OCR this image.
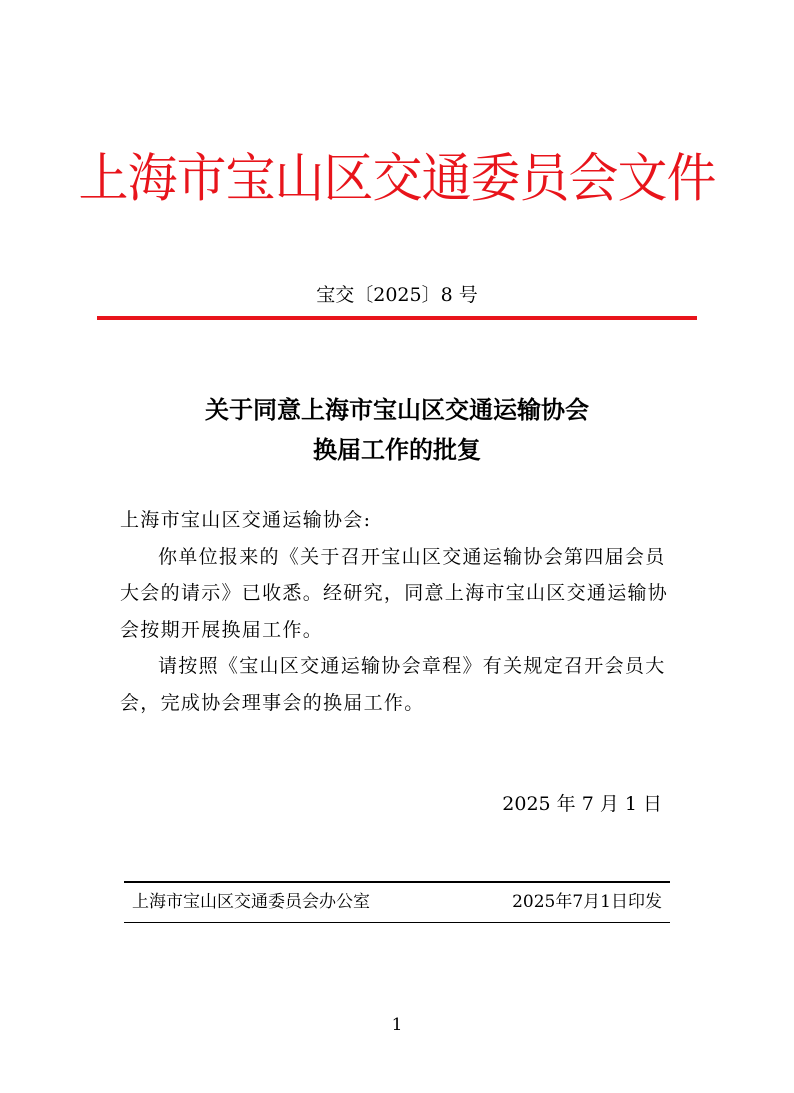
上海市宝山区交通委员会文件
宝交〔2025〕8 号
关于同意上海市宝山区交通运输协会
换届工作的批复

上海市宝山区交通运输协会:

你单位报来的《关于召开宝山区交通运输协会第四届会员大会的请示》已收悉。经研究，同意上海市宝山区交通运输协会按期开展换届工作。

请按照《宝山区交通运输协会章程》有关规定召开会员大会，完成协会理事会的换届工作。

2025 年 7 月 1 日
上海市宝山区交通委员会办公室	2025年7月1日印发
1
